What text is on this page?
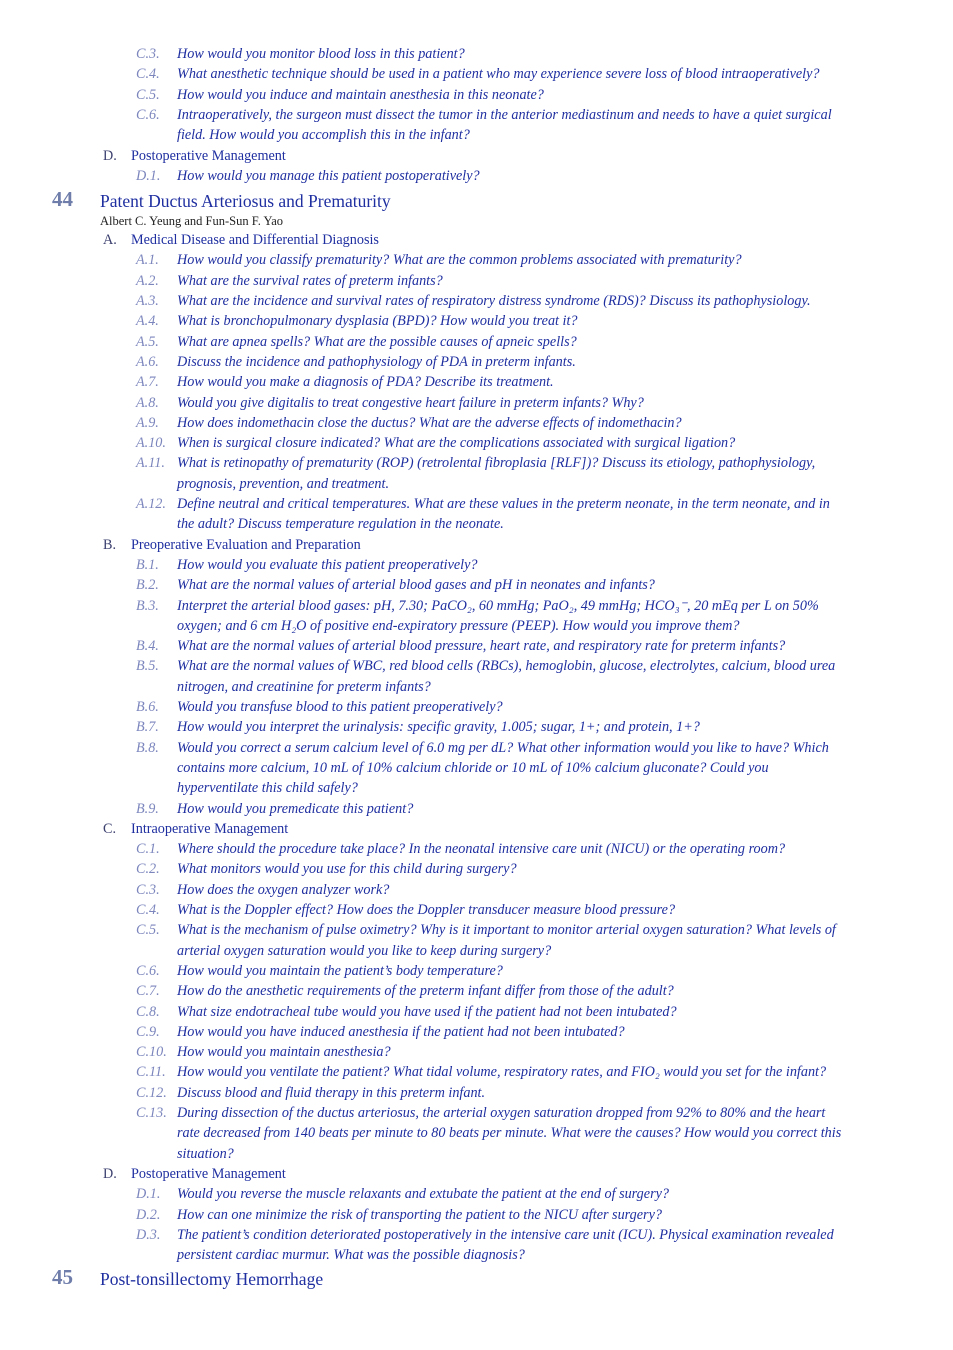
C.3. How would you monitor blood loss in this patient?
C.4. What anesthetic technique should be used in a patient who may experience severe loss of blood intraoperatively?
C.5. How would you induce and maintain anesthesia in this neonate?
C.6. Intraoperatively, the surgeon must dissect the tumor in the anterior mediastinum and needs to have a quiet surgical
field. How would you accomplish this in the infant?
D. Postoperative Management
D.1. How would you manage this patient postoperatively?
44 Patent Ductus Arteriosus and Prematurity
Albert C. Yeung and Fun-Sun F. Yao
A. Medical Disease and Differential Diagnosis
A.1. How would you classify prematurity? What are the common problems associated with prematurity?
A.2. What are the survival rates of preterm infants?
A.3. What are the incidence and survival rates of respiratory distress syndrome (RDS)? Discuss its pathophysiology.
A.4. What is bronchopulmonary dysplasia (BPD)? How would you treat it?
A.5. What are apnea spells? What are the possible causes of apneic spells?
A.6. Discuss the incidence and pathophysiology of PDA in preterm infants.
A.7. How would you make a diagnosis of PDA? Describe its treatment.
A.8. Would you give digitalis to treat congestive heart failure in preterm infants? Why?
A.9. How does indomethacin close the ductus? What are the adverse effects of indomethacin?
A.10. When is surgical closure indicated? What are the complications associated with surgical ligation?
A.11. What is retinopathy of prematurity (ROP) (retrolental fibroplasia [RLF])? Discuss its etiology, pathophysiology,
prognosis, prevention, and treatment.
A.12. Define neutral and critical temperatures. What are these values in the preterm neonate, in the term neonate, and in
the adult? Discuss temperature regulation in the neonate.
B. Preoperative Evaluation and Preparation
B.1. How would you evaluate this patient preoperatively?
B.2. What are the normal values of arterial blood gases and pH in neonates and infants?
B.3. Interpret the arterial blood gases: pH, 7.30; PaCO₂, 60 mmHg; PaO₂, 49 mmHg; HCO₃⁻, 20 mEq per L on 50%
oxygen; and 6 cm H₂O of positive end-expiratory pressure (PEEP). How would you improve them?
B.4. What are the normal values of arterial blood pressure, heart rate, and respiratory rate for preterm infants?
B.5. What are the normal values of WBC, red blood cells (RBCs), hemoglobin, glucose, electrolytes, calcium, blood urea
nitrogen, and creatinine for preterm infants?
B.6. Would you transfuse blood to this patient preoperatively?
B.7. How would you interpret the urinalysis: specific gravity, 1.005; sugar, 1+; and protein, 1+?
B.8. Would you correct a serum calcium level of 6.0 mg per dL? What other information would you like to have? Which
contains more calcium, 10 mL of 10% calcium chloride or 10 mL of 10% calcium gluconate? Could you
hyperventilate this child safely?
B.9. How would you premedicate this patient?
C. Intraoperative Management
C.1. Where should the procedure take place? In the neonatal intensive care unit (NICU) or the operating room?
C.2. What monitors would you use for this child during surgery?
C.3. How does the oxygen analyzer work?
C.4. What is the Doppler effect? How does the Doppler transducer measure blood pressure?
C.5. What is the mechanism of pulse oximetry? Why is it important to monitor arterial oxygen saturation? What levels of
arterial oxygen saturation would you like to keep during surgery?
C.6. How would you maintain the patient’s body temperature?
C.7. How do the anesthetic requirements of the preterm infant differ from those of the adult?
C.8. What size endotracheal tube would you have used if the patient had not been intubated?
C.9. How would you have induced anesthesia if the patient had not been intubated?
C.10. How would you maintain anesthesia?
C.11. How would you ventilate the patient? What tidal volume, respiratory rates, and FIO₂ would you set for the infant?
C.12. Discuss blood and fluid therapy in this preterm infant.
C.13. During dissection of the ductus arteriosus, the arterial oxygen saturation dropped from 92% to 80% and the heart
rate decreased from 140 beats per minute to 80 beats per minute. What were the causes? How would you correct this
situation?
D. Postoperative Management
D.1. Would you reverse the muscle relaxants and extubate the patient at the end of surgery?
D.2. How can one minimize the risk of transporting the patient to the NICU after surgery?
D.3. The patient’s condition deteriorated postoperatively in the intensive care unit (ICU). Physical examination revealed
persistent cardiac murmur. What was the possible diagnosis?
45 Post-tonsillectomy Hemorrhage
